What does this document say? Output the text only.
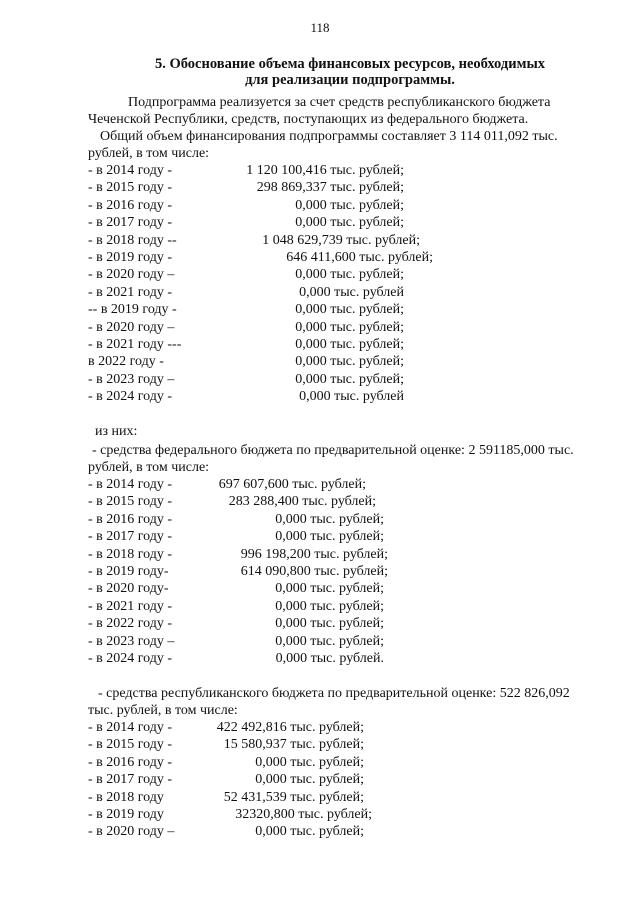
118
5. Обоснование объема финансовых ресурсов, необходимых
для реализации подпрограммы.
Подпрограмма реализуется за счет средств республиканского бюджета
Чеченской Республики, средств, поступающих из федерального бюджета.
Общий объем финансирования подпрограммы составляет 3 114 011,092 тыс.
рублей, в том числе:
- в 2014 году -	1 120 100,416 тыс. рублей;
- в 2015 году -	298 869,337 тыс. рублей;
- в 2016 году -	0,000 тыс. рублей;
- в 2017 году -	0,000 тыс. рублей;
- в 2018 году --	1 048 629,739 тыс. рублей;
- в 2019 году -	646 411,600 тыс. рублей;
- в 2020 году –	0,000 тыс. рублей;
- в 2021 году -	0,000 тыс. рублей
-- в 2019 году -	0,000 тыс. рублей;
- в 2020 году –	0,000 тыс. рублей;
- в 2021 году ---	0,000 тыс. рублей;
в 2022 году -	0,000 тыс. рублей;
- в 2023 году –	0,000 тыс. рублей;
- в 2024 году -	0,000 тыс. рублей
из них:
- средства федерального бюджета по предварительной оценке: 2 591185,000 тыс.
рублей, в том числе:
- в 2014 году -	697 607,600 тыс. рублей;
- в 2015 году -	283 288,400 тыс. рублей;
- в 2016 году -	0,000 тыс. рублей;
- в 2017 году -	0,000 тыс. рублей;
- в 2018 году -	996 198,200 тыс. рублей;
- в 2019 году-	614 090,800 тыс. рублей;
- в 2020 году-	0,000 тыс. рублей;
- в 2021 году -	0,000 тыс. рублей;
- в 2022 году -	0,000 тыс. рублей;
- в 2023 году –	0,000 тыс. рублей;
- в 2024 году -	0,000 тыс. рублей.
- средства республиканского бюджета по предварительной оценке: 522 826,092
тыс. рублей, в том числе:
- в 2014 году -	422 492,816 тыс. рублей;
- в 2015 году -	15 580,937 тыс. рублей;
- в 2016 году -	0,000 тыс. рублей;
- в 2017 году -	0,000 тыс. рублей;
- в 2018 году	52 431,539 тыс. рублей;
- в 2019 году	32320,800 тыс. рублей;
- в 2020 году –	0,000 тыс. рублей;
